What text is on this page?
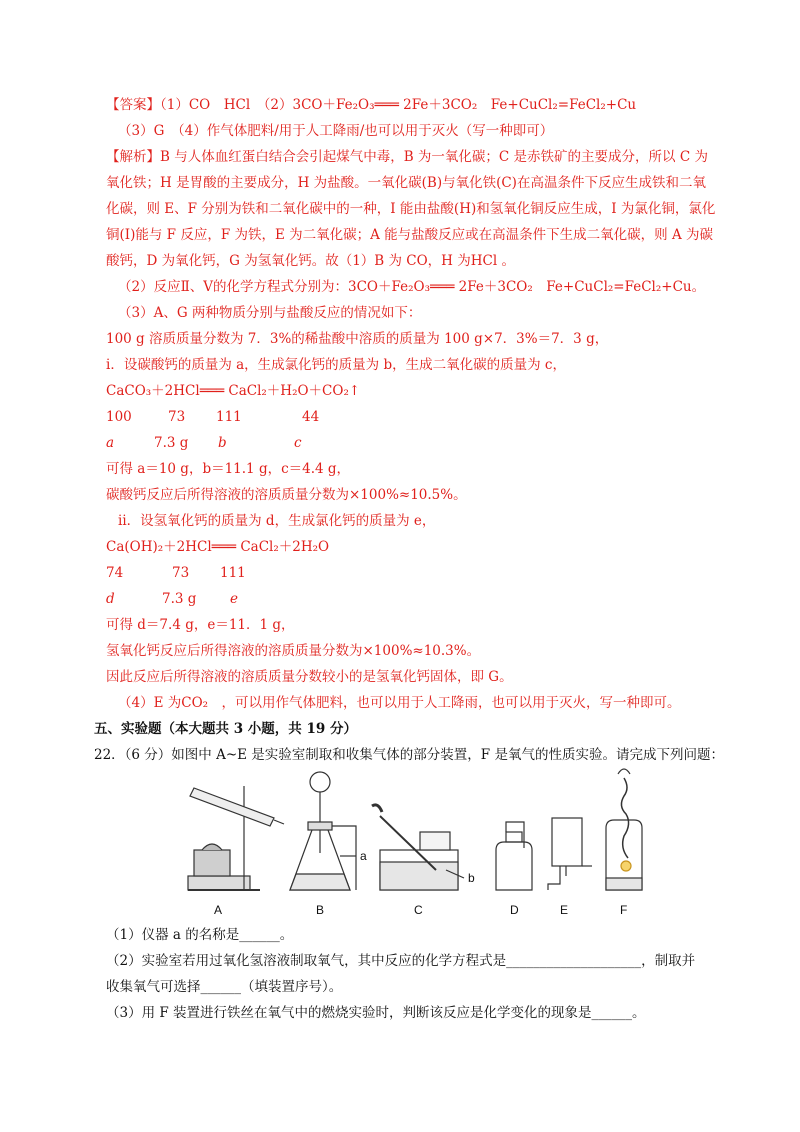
【答案】（1）CO　HCl　（2）3CO＋Fe₂O₃═══ 2Fe＋3CO₂　Fe+CuCl₂=FeCl₂+Cu
（3）G　（4）作气体肥料/用于人工降雨/也可以用于灭火（写一种即可）
【解析】B 与人体血红蛋白结合会引起煤气中毒，B 为一氧化碳；C 是赤铁矿的主要成分，所以 C 为
氧化铁；H 是胃酸的主要成分，H 为盐酸。一氧化碳(B)与氧化铁(C)在高温条件下反应生成铁和二氧
化碳，则 E、F 分别为铁和二氧化碳中的一种，I 能由盐酸(H)和氢氧化铜反应生成，I 为氯化铜，氯化
铜(I)能与 F 反应，F 为铁，E 为二氧化碳；A 能与盐酸反应或在高温条件下生成二氧化碳，则 A 为碳
酸钙，D 为氧化钙，G 为氢氧化钙。故（1）B 为 CO，H 为HCl 。
（2）反应Ⅱ、Ⅴ的化学方程式分别为：3CO＋Fe₂O₃═══ 2Fe＋3CO₂　Fe+CuCl₂=FeCl₂+Cu。
（3）A、G 两种物质分别与盐酸反应的情况如下：
100 g 溶质质量分数为 7．3%的稀盐酸中溶质的质量为 100 g×7．3%＝7．3 g，
ⅰ．设碳酸钙的质量为 a，生成氯化钙的质量为 b，生成二氧化碳的质量为 c，
CaCO₃＋2HCl═══ CaCl₂＋H₂O＋CO₂↑
100	73 111	44
a	7.3 g b	c
可得 a＝10 g，b＝11.1 g，c＝4.4 g，
碳酸钙反应后所得溶液的溶质质量分数为×100%≈10.5%。
ⅱ．设氢氧化钙的质量为 d，生成氯化钙的质量为 e，
Ca(OH)₂＋2HCl═══ CaCl₂＋2H₂O
74	73 111
d	7.3 g e
可得 d＝7.4 g，e＝11．1 g，
氢氧化钙反应后所得溶液的溶质质量分数为×100%≈10.3%。
因此反应后所得溶液的溶质质量分数较小的是氢氧化钙固体，即 G。
（4）E 为CO₂　，可以用作气体肥料，也可以用于人工降雨，也可以用于灭火，写一种即可。
五、实验题（本大题共 3 小题，共 19 分）
22．（6 分）如图中 A~E 是实验室制取和收集气体的部分装置，F 是氧气的性质实验。请完成下列问题：
A	B	C	D	E	F
a
b
（1）仪器 a 的名称是______。
（2）实验室若用过氧化氢溶液制取氧气，其中反应的化学方程式是____________________，制取并
收集氧气可选择______（填装置序号）。
（3）用 F 装置进行铁丝在氧气中的燃烧实验时，判断该反应是化学变化的现象是______。
